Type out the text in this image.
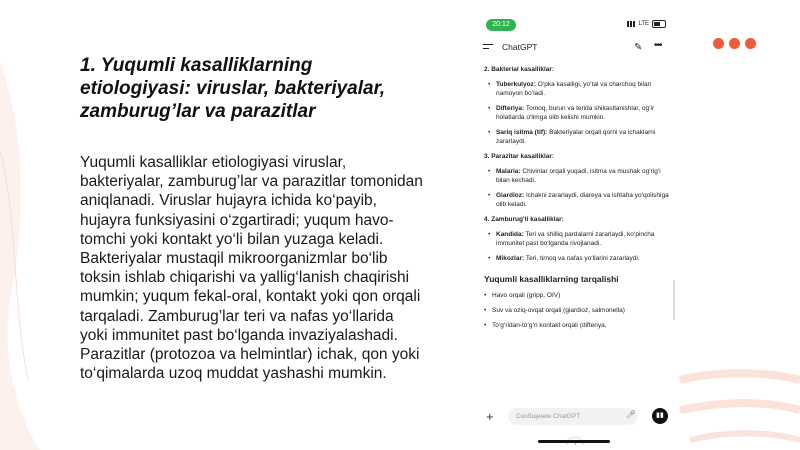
1. Yuqumli kasalliklarning etiologiyasi: viruslar, bakteriyalar, zamburug’lar va parazitlar

Yuqumli kasalliklar etiologiyasi viruslar, bakteriyalar, zamburug’lar va parazitlar tomonidan aniqlanadi. Viruslar hujayra ichida ko‘payib, hujayra funksiyasini o‘zgartiradi; yuqum havo-tomchi yoki kontakt yo‘li bilan yuzaga keladi. Bakteriyalar mustaqil mikroorganizmlar bo‘lib toksin ishlab chiqarishi va yallig‘lanish chaqirishi mumkin; yuqum fekal-oral, kontakt yoki qon orqali tarqaladi. Zamburug’lar teri va nafas yo‘llarida yoki immunitet past bo‘lganda invaziyalashadi. Parazitlar (protozoa va helmintlar) ichak, qon yoki to‘qimalarda uzoq muddat yashashi mumkin.

20:12	LTE
ChatGPT	✎ •••

2. Bakterial kasalliklar:

• Tuberkulyoz: O‘pka kasalligi, yo‘tal va charchoq bilan namoyon bo‘ladi.
• Difteriya: Tomoq, burun va terida shikastlanishlar, og‘ir holatlarda o‘limga olib kelishi mumkin.
• Sariq isitma (tif): Bakteriyalar orqali qorni va ichaklarni zararlaydi.

3. Parazitar kasalliklar:

• Malaria: Chivinlar orqali yuqadi, isitma va mushak og‘rig‘i bilan kechadi.
• Giardioz: Ichakni zararlaydi, diareya va ishtaha yo‘qolishiga olib keladi.

4. Zamburug‘li kasalliklar:

• Kandida: Teri va shilliq pardalarni zararlaydi, ko‘pincha immunitet past bo‘lganda rivojlanadi.
• Mikozlar: Teri, tirnoq va nafas yo‘llarini zararlaydi.

Yuqumli kasalliklarning tarqalishi

• Havo orqali (gripp, ОIV)
• Suv va oziq-ovqat orqali (giardioz, salmonella)
• To‘g‘ridan-to‘g‘ri kontakt orqali (difteriya,
+	Сообщение ChatGPT	🎤︎	▮▮
